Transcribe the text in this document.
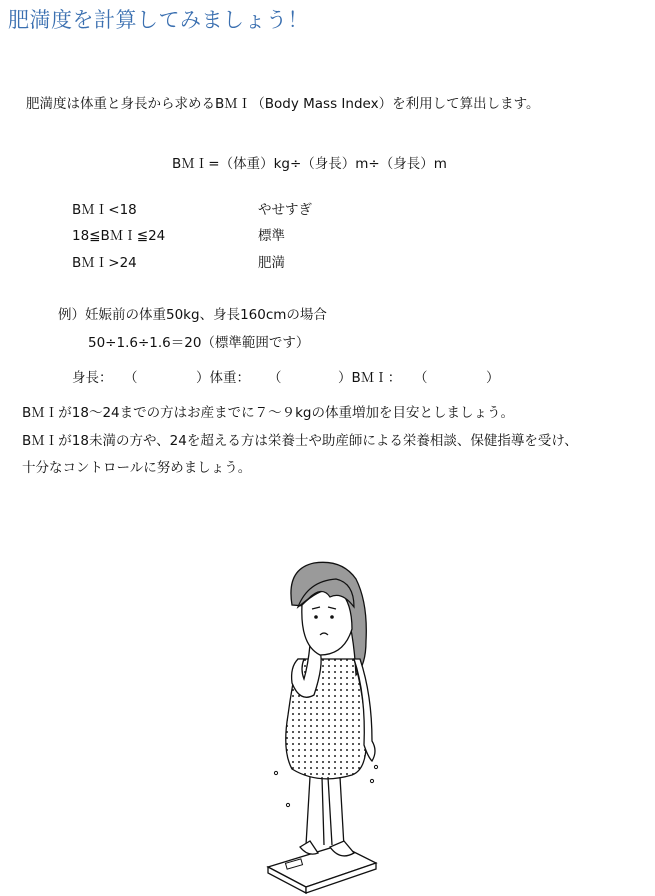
肥満度を計算してみましょう！
肥満度は体重と身長から求めるBＭＩ（Body Mass Index）を利用して算出します。
BＭＩ=（体重）kg÷（身長）m÷（身長）m
BＭＩ<18	やせすぎ
18≦BＭＩ≦24	標準
BＭＩ>24	肥満
例）妊娠前の体重50kg、身長160cmの場合
50÷1.6÷1.6＝20（標準範囲です）
身長： （	）体重： （	）BＭＩ： （	）
BＭＩが18～24までの方はお産までに７～９kgの体重増加を目安としましょう。
BＭＩが18未満の方や、24を超える方は栄養士や助産師による栄養相談、保健指導を受け、
十分なコントロールに努めましょう。
